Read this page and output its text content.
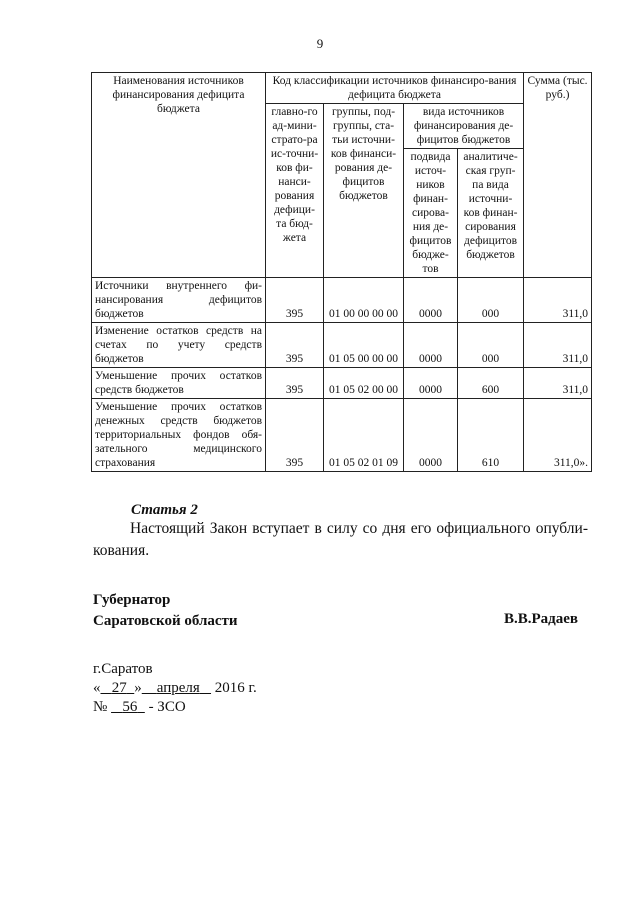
9
Наименования источников финансирования дефицита бюджета	Код классификации источников финансиро-вания дефицита бюджета				Сумма (тыс. руб.)
	главно-го ад-мини-страто-ра ис-точни-ков фи-нанси-рования дефици-та бюд-жета	группы, под-группы, ста-тьи источни-ков финанси-рования де-фицитов бюджетов	вида источников финансирования де-фицитов бюджетов		
			подвида источ-ников финан-сирова-ния де-фицитов бюдже-тов	аналитиче-ская груп-па вида источни-ков финан-сирования дефицитов бюджетов	
Источники внутреннего фи-нансирования дефицитов бюджетов	395	01 00 00 00 00	0000	000	311,0
Изменение остатков средств на счетах по учету средств бюджетов	395	01 05 00 00 00	0000	000	311,0
Уменьшение прочих остатков средств бюджетов	395	01 05 02 00 00	0000	600	311,0
Уменьшение прочих остатков денежных средств бюджетов территориальных фондов обя-зательного медицинского страхования	395	01 05 02 01 09	0000	610	311,0».
Статья 2
Настоящий Закон вступает в силу со дня его официального опубли-кования.
Губернатор
Саратовской области	В.В.Радаев
г.Саратов
« 27 » апреля 2016 г.
№ 56 - ЗСО
